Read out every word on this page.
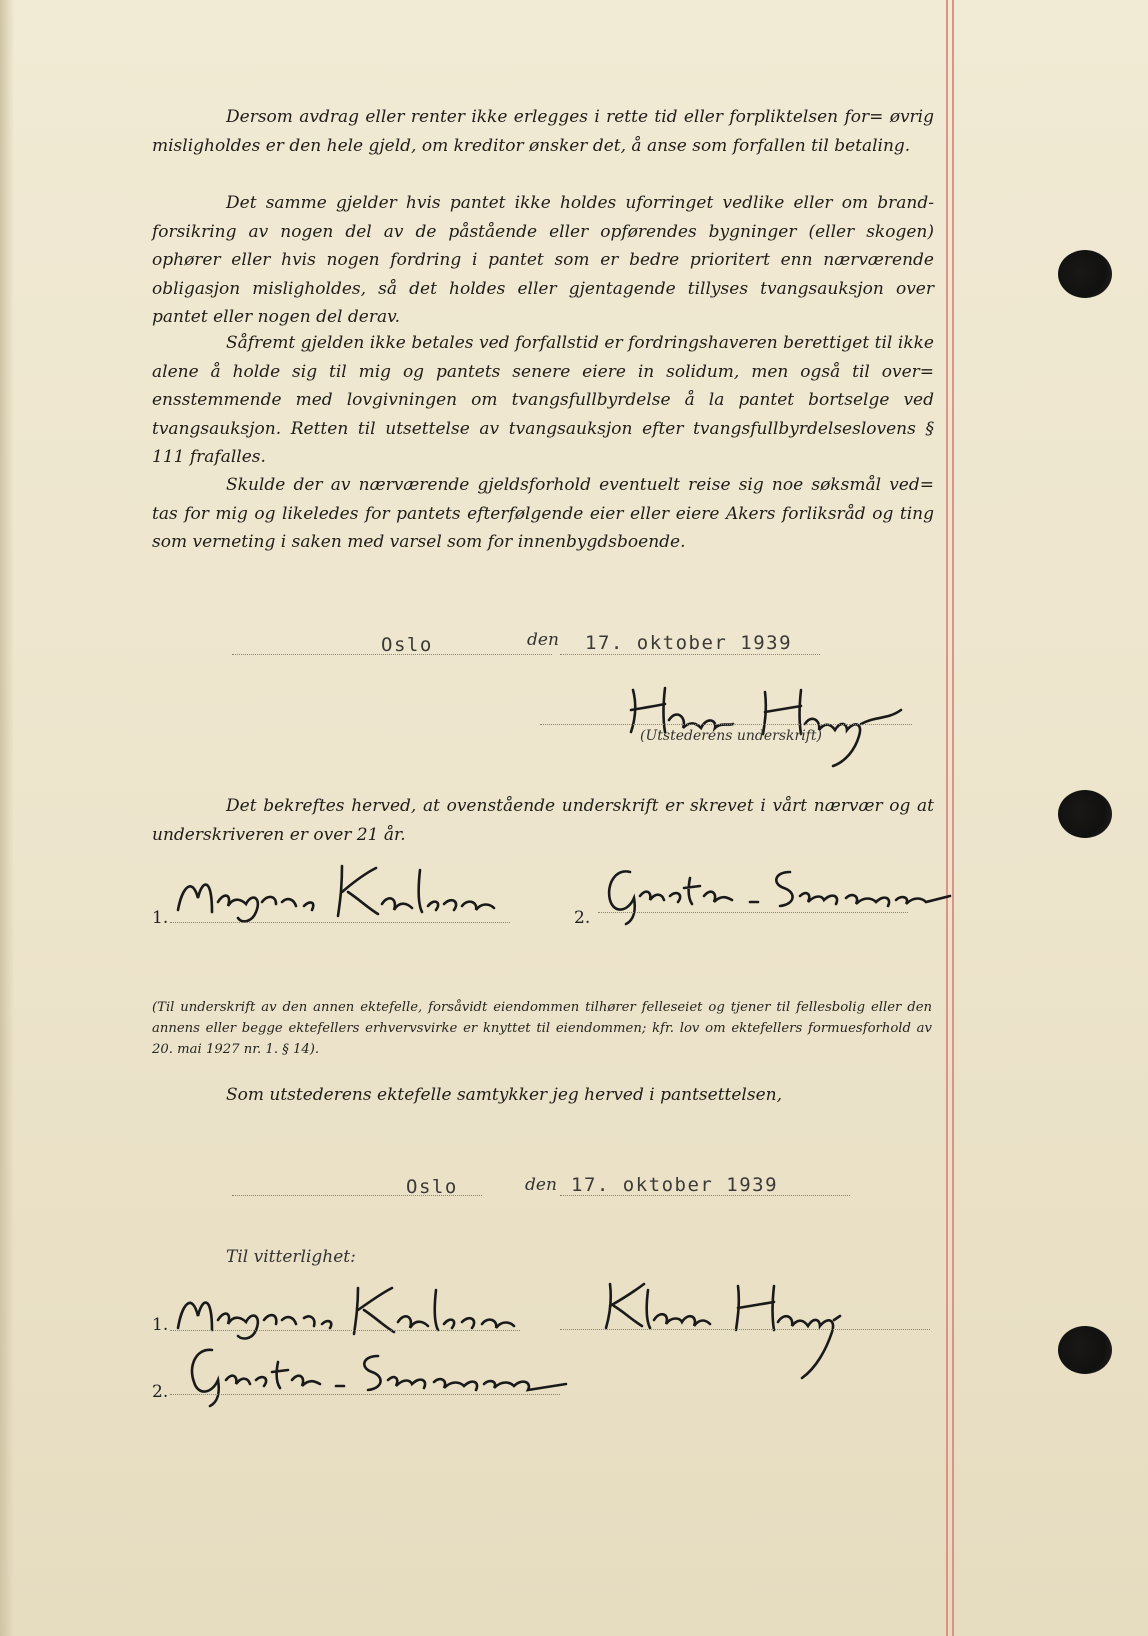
Dersom avdrag eller renter ikke erlegges i rette tid eller forpliktelsen for= øvrig misligholdes er den hele gjeld, om kreditor ønsker det, å anse som forfallen til betaling.
Det samme gjelder hvis pantet ikke holdes uforringet vedlike eller om brand- forsikring av nogen del av de påstående eller opførendes bygninger (eller skogen) ophører eller hvis nogen fordring i pantet som er bedre prioritert enn nærværende obligasjon misligholdes, så det holdes eller gjentagende tillyses tvangsauksjon over pantet eller nogen del derav.
Såfremt gjelden ikke betales ved forfallstid er fordringshaveren berettiget til ikke alene å holde sig til mig og pantets senere eiere in solidum, men også til over= ensstemmende med lovgivningen om tvangsfullbyrdelse å la pantet bortselge ved tvangsauksjon. Retten til utsettelse av tvangsauksjon efter tvangsfullbyrdelseslovens § 111 frafalles.
Skulde der av nærværende gjeldsforhold eventuelt reise sig noe søksmål ved= tas for mig og likeledes for pantets efterfølgende eier eller eiere Akers forliksråd og ting som verneting i saken med varsel som for innenbygdsboende.
Oslo	den 17. oktober 1939
(Utstederens underskrift)
Det bekreftes herved, at ovenstående underskrift er skrevet i vårt nærvær og at underskriveren er over 21 år.
1.	2.

(Til underskrift av den annen ektefelle, forsåvidt eiendommen tilhører felleseiet og tjener til fellesbolig eller den annens eller begge ektefellers erhvervsvirke er knyttet til eiendommen; kfr. lov om ektefellers formuesforhold av 20. mai 1927 nr. 1. § 14).

Som utstederens ektefelle samtykker jeg herved i pantsettelsen,
Oslo	den 17. oktober 1939
Til vitterlighet:
1.
2.
